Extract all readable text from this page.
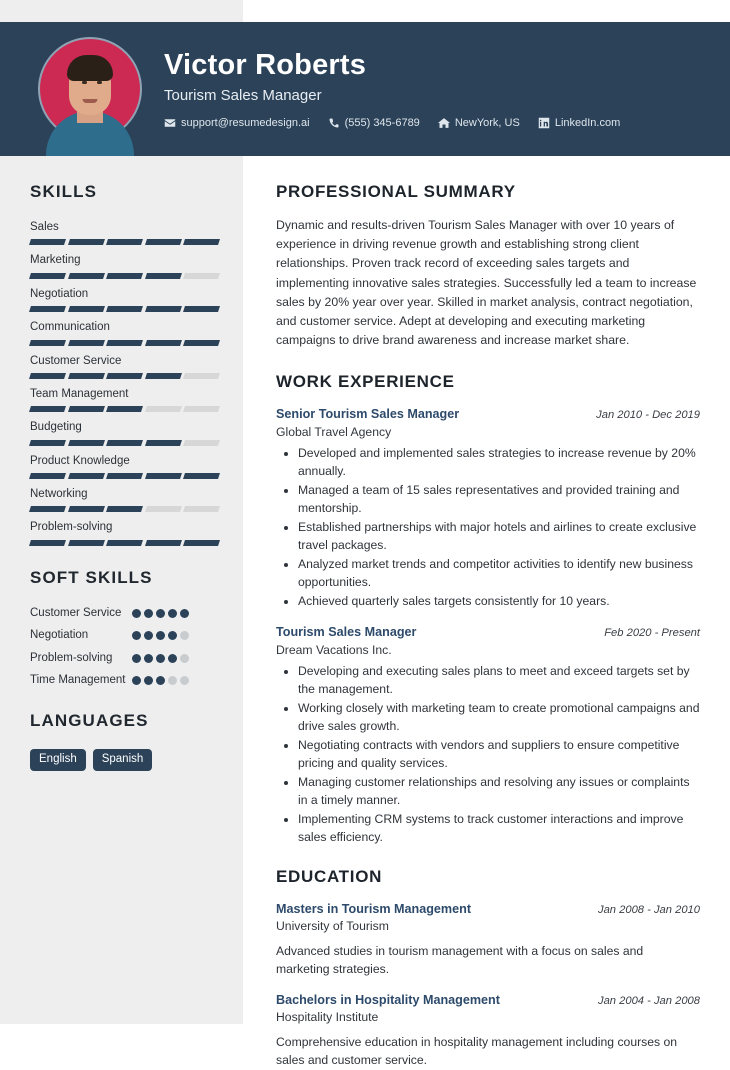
Victor Roberts
Tourism Sales Manager
support@resumedesign.ai	(555) 345-6789	NewYork, US	LinkedIn.com
SKILLS
Sales
Marketing
Negotiation
Communication
Customer Service
Team Management
Budgeting
Product Knowledge
Networking
Problem-solving
SOFT SKILLS
Customer Service
Negotiation
Problem-solving
Time Management
LANGUAGES
English	Spanish
PROFESSIONAL SUMMARY
Dynamic and results-driven Tourism Sales Manager with over 10 years of experience in driving revenue growth and establishing strong client relationships. Proven track record of exceeding sales targets and implementing innovative sales strategies. Successfully led a team to increase sales by 20% year over year. Skilled in market analysis, contract negotiation, and customer service. Adept at developing and executing marketing campaigns to drive brand awareness and increase market share.
WORK EXPERIENCE
Senior Tourism Sales Manager	Jan 2010 - Dec 2019
Global Travel Agency
• Developed and implemented sales strategies to increase revenue by 20% annually.
• Managed a team of 15 sales representatives and provided training and mentorship.
• Established partnerships with major hotels and airlines to create exclusive travel packages.
• Analyzed market trends and competitor activities to identify new business opportunities.
• Achieved quarterly sales targets consistently for 10 years.
Tourism Sales Manager	Feb 2020 - Present
Dream Vacations Inc.
• Developing and executing sales plans to meet and exceed targets set by the management.
• Working closely with marketing team to create promotional campaigns and drive sales growth.
• Negotiating contracts with vendors and suppliers to ensure competitive pricing and quality services.
• Managing customer relationships and resolving any issues or complaints in a timely manner.
• Implementing CRM systems to track customer interactions and improve sales efficiency.
EDUCATION
Masters in Tourism Management	Jan 2008 - Jan 2010
University of Tourism
Advanced studies in tourism management with a focus on sales and marketing strategies.
Bachelors in Hospitality Management	Jan 2004 - Jan 2008
Hospitality Institute
Comprehensive education in hospitality management including courses on sales and customer service.
